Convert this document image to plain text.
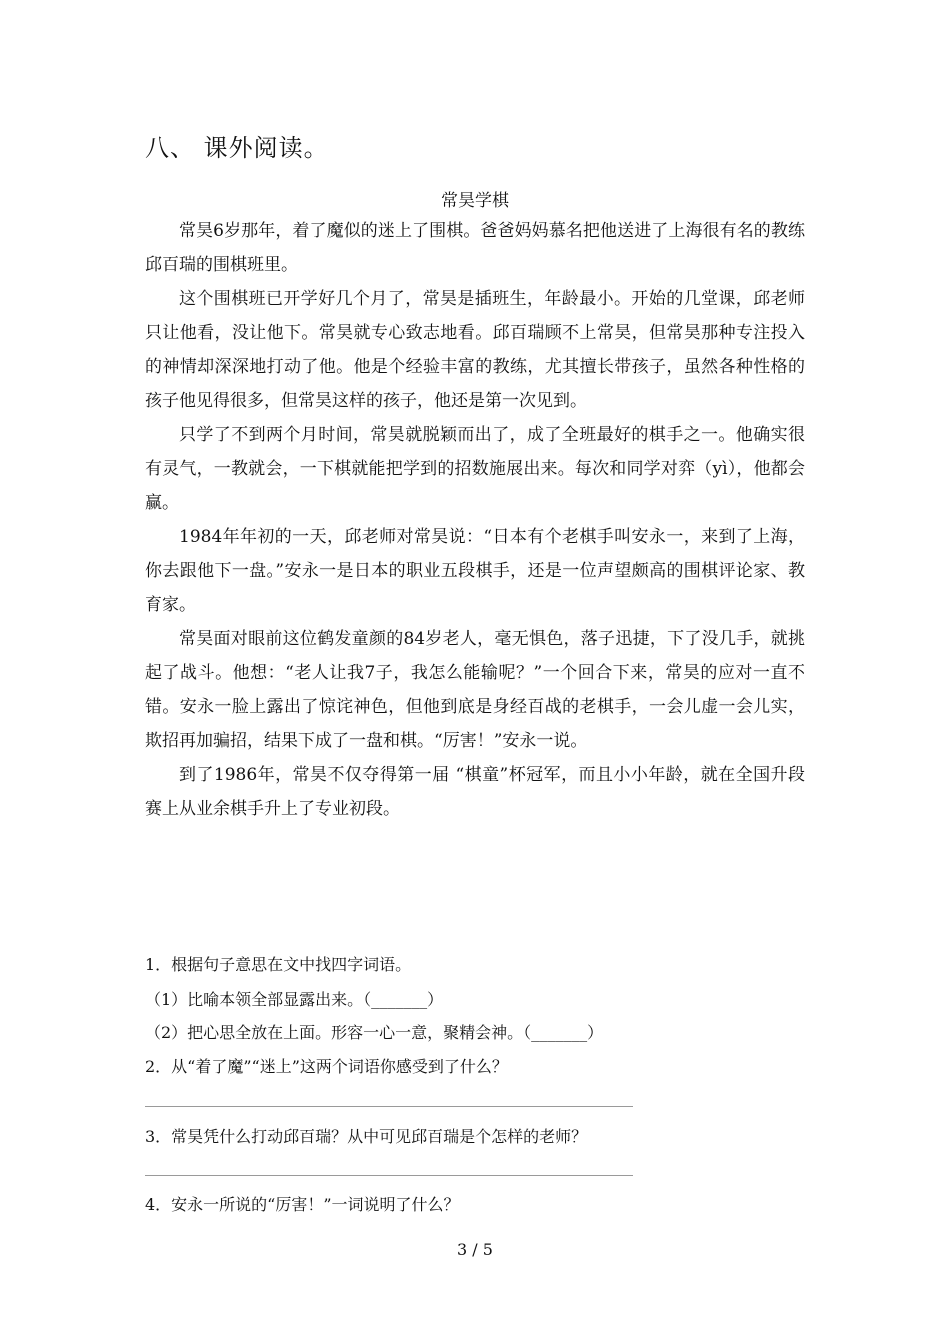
八、 课外阅读。
常昊学棋

常昊6岁那年，着了魔似的迷上了围棋。爸爸妈妈慕名把他送进了上海很有名的教练邱百瑞的围棋班里。

这个围棋班已开学好几个月了，常昊是插班生，年龄最小。开始的几堂课，邱老师只让他看，没让他下。常昊就专心致志地看。邱百瑞顾不上常昊，但常昊那种专注投入的神情却深深地打动了他。他是个经验丰富的教练，尤其擅长带孩子，虽然各种性格的孩子他见得很多，但常昊这样的孩子，他还是第一次见到。

只学了不到两个月时间，常昊就脱颖而出了，成了全班最好的棋手之一。他确实很有灵气，一教就会，一下棋就能把学到的招数施展出来。每次和同学对弈（yì），他都会赢。

1984年年初的一天，邱老师对常昊说：“日本有个老棋手叫安永一，来到了上海，你去跟他下一盘。”安永一是日本的职业五段棋手，还是一位声望颇高的围棋评论家、教育家。

常昊面对眼前这位鹤发童颜的84岁老人，毫无惧色，落子迅捷，下了没几手，就挑起了战斗。他想：“老人让我7子，我怎么能输呢？”一个回合下来，常昊的应对一直不错。安永一脸上露出了惊诧神色，但他到底是身经百战的老棋手，一会儿虚一会儿实，欺招再加骗招，结果下成了一盘和棋。“厉害！”安永一说。

到了1986年，常昊不仅夺得第一届 “棋童”杯冠军，而且小小年龄，就在全国升段赛上从业余棋手升上了专业初段。

1．根据句子意思在文中找四字词语。
（1）比喻本领全部显露出来。（_______）
（2）把心思全放在上面。形容一心一意，聚精会神。（_______）
2．从“着了魔”“迷上”这两个词语你感受到了什么？
3．常昊凭什么打动邱百瑞？从中可见邱百瑞是个怎样的老师？
4．安永一所说的“厉害！”一词说明了什么？
3 / 5
